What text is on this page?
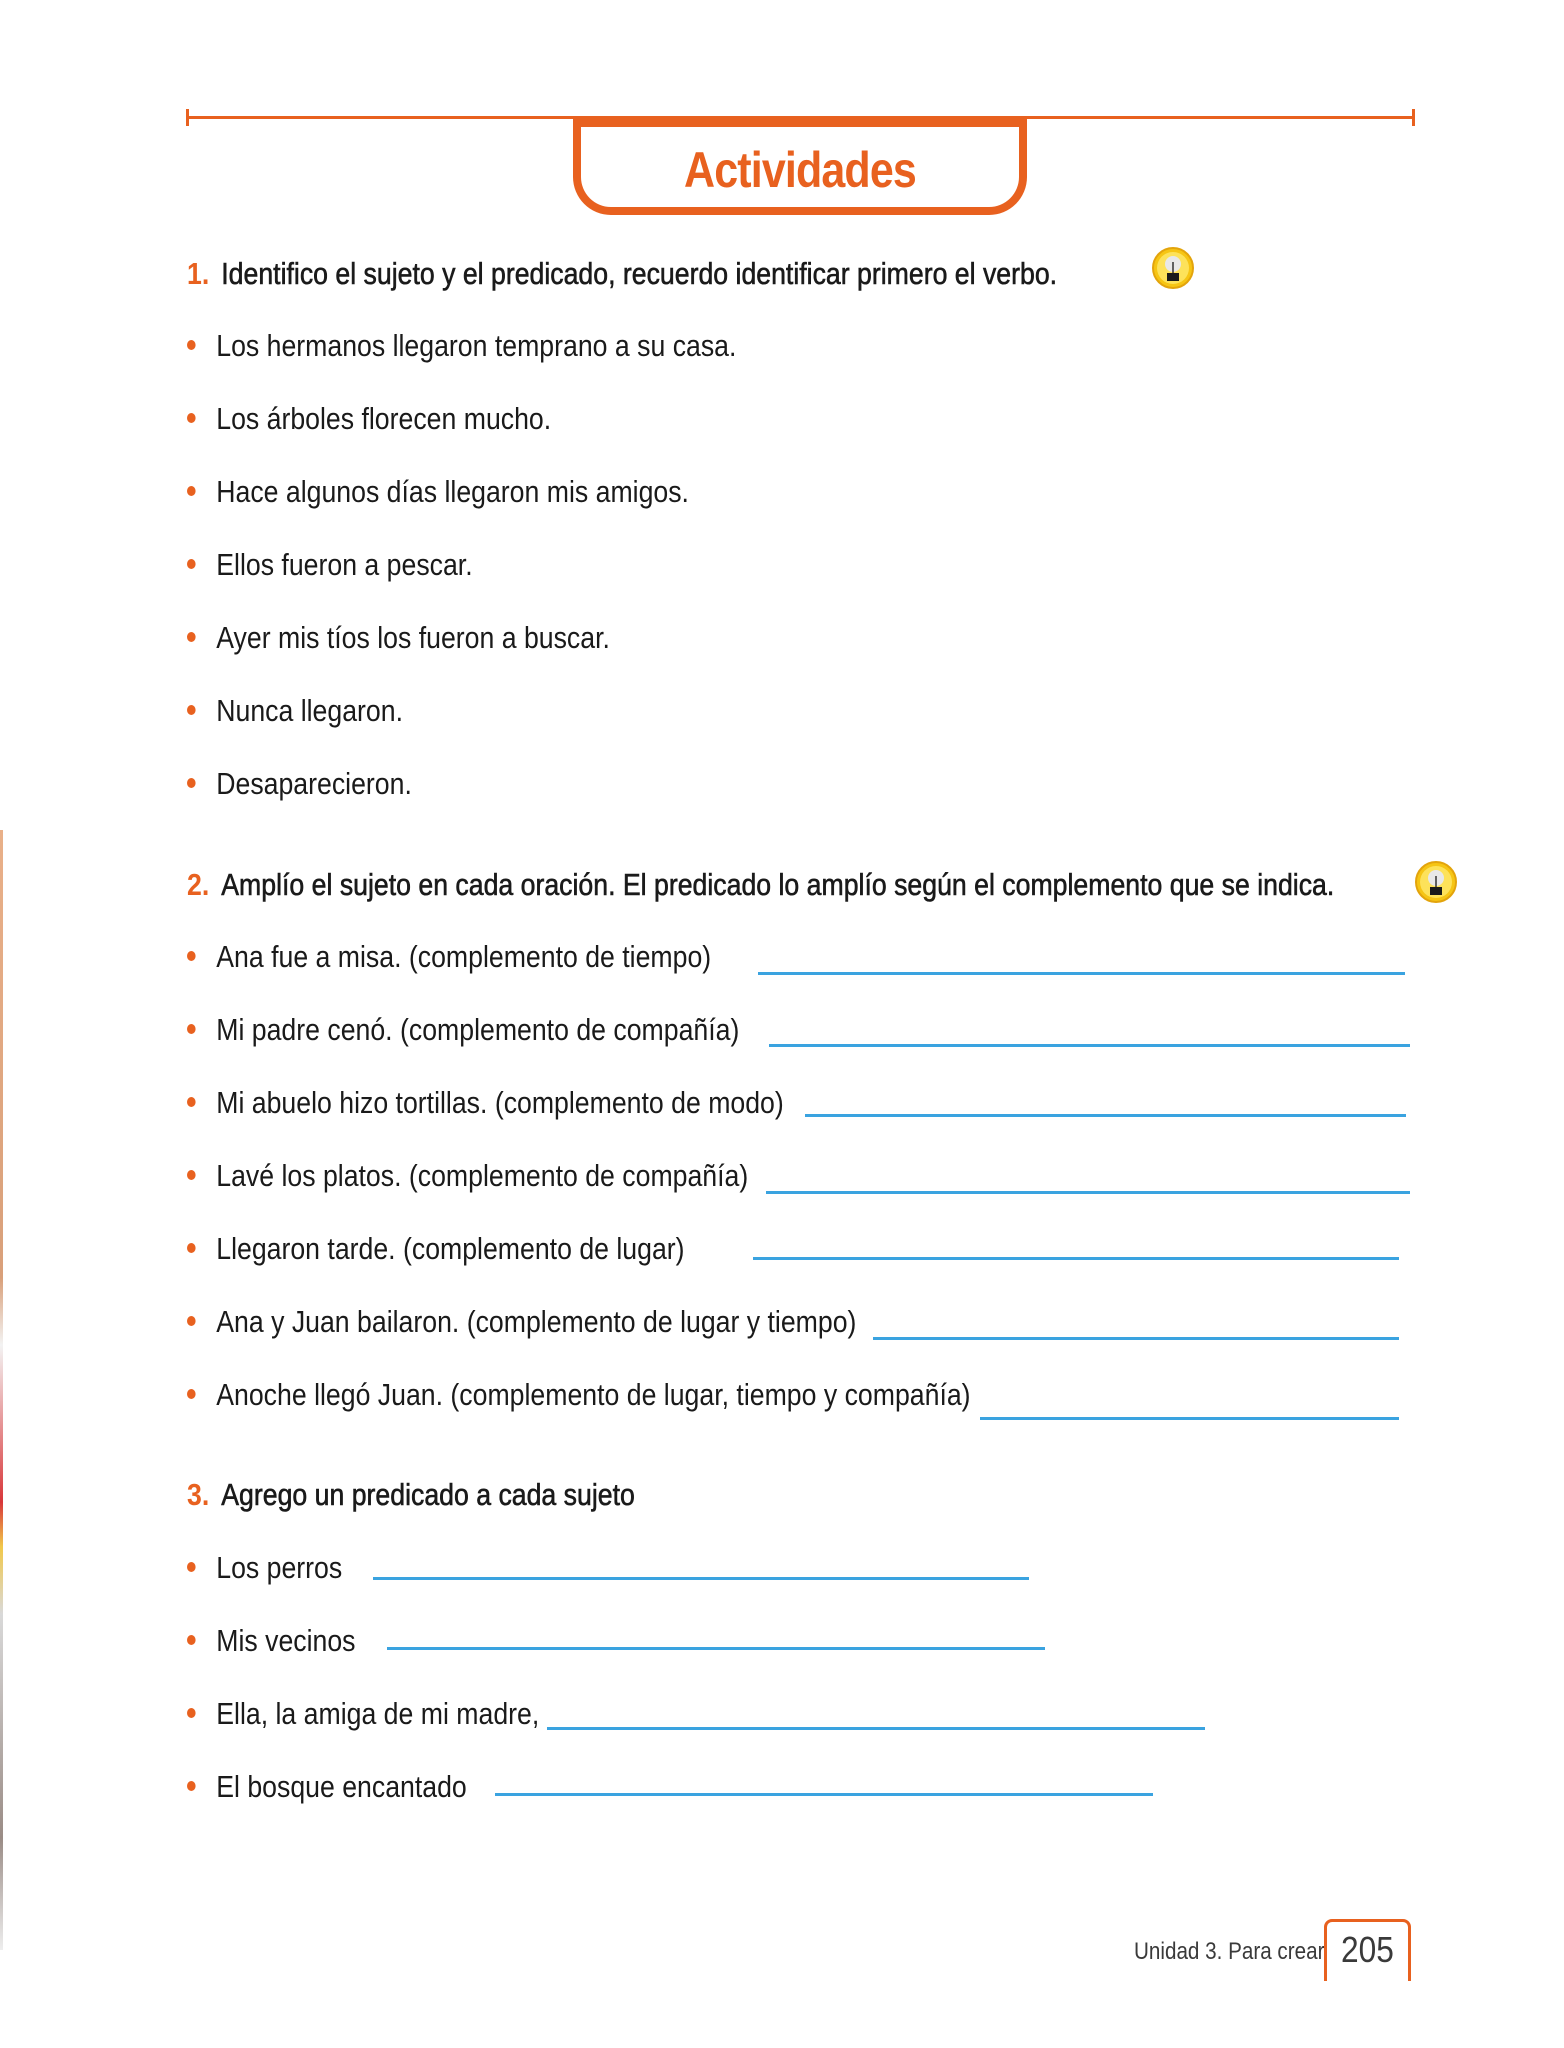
Actividades
1. Identifico el sujeto y el predicado, recuerdo identificar primero el verbo.
Los hermanos llegaron temprano a su casa.
Los árboles florecen mucho.
Hace algunos días llegaron mis amigos.
Ellos fueron a pescar.
Ayer mis tíos los fueron a buscar.
Nunca llegaron.
Desaparecieron.
2. Amplío el sujeto en cada oración. El predicado lo amplío según el complemento que se indica.
Ana fue a misa. (complemento de tiempo)
Mi padre cenó. (complemento de compañía)
Mi abuelo hizo tortillas. (complemento de modo)
Lavé los platos. (complemento de compañía)
Llegaron tarde. (complemento de lugar)
Ana y Juan bailaron. (complemento de lugar y tiempo)
Anoche llegó Juan. (complemento de lugar, tiempo y compañía)
3. Agrego un predicado a cada sujeto
Los perros
Mis vecinos
Ella, la amiga de mi madre,
El bosque encantado
Unidad 3. Para crear 205
